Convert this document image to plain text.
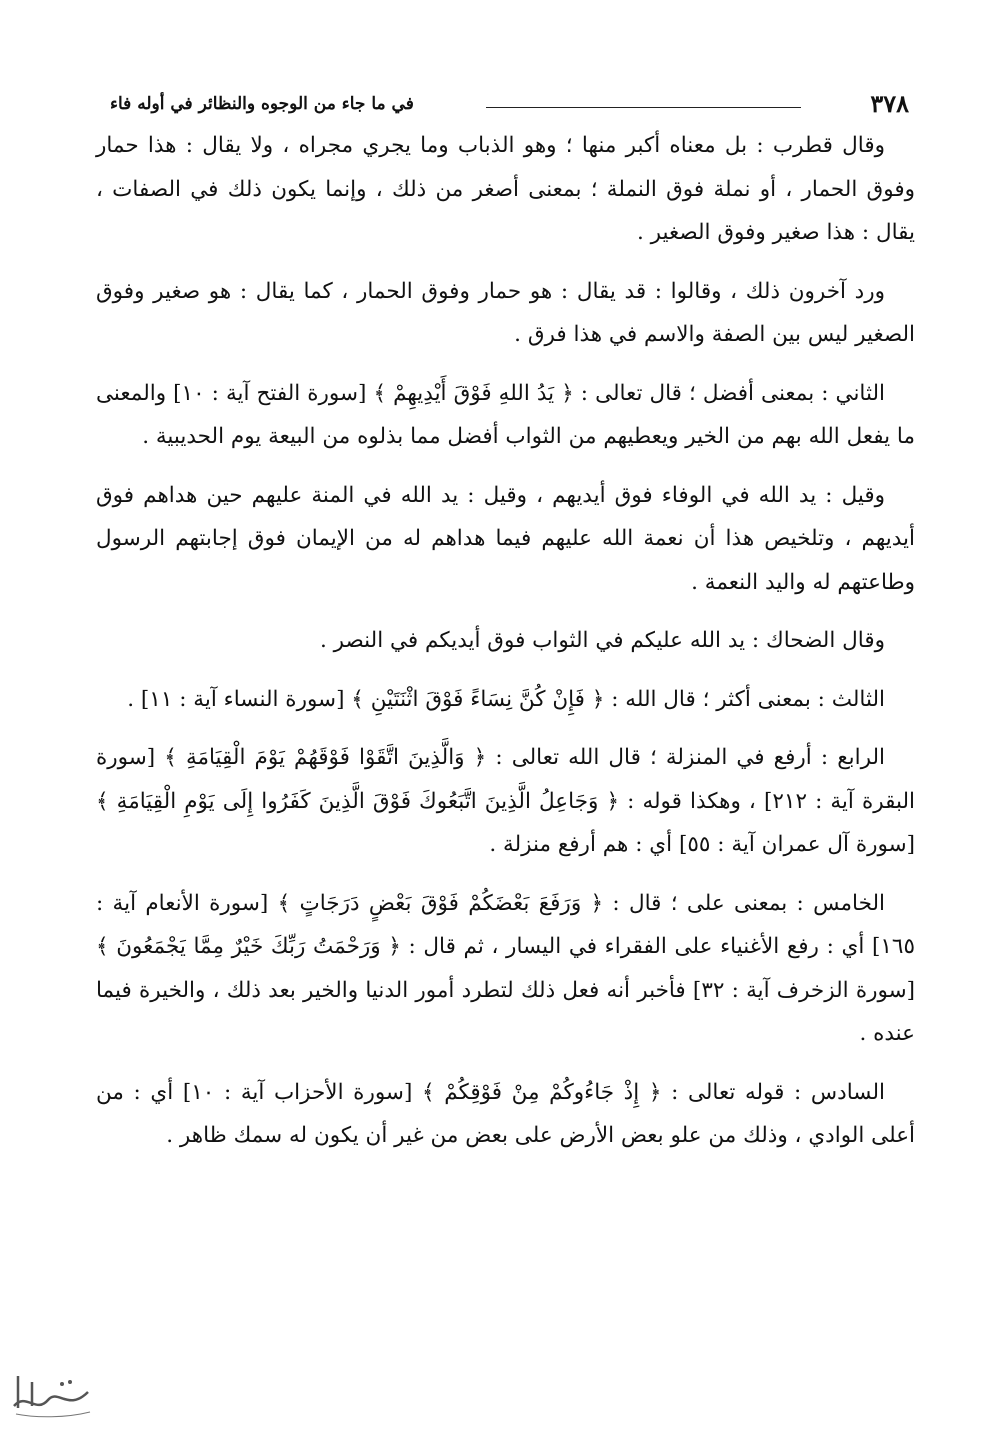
٣٧٨
في ما جاء من الوجوه والنظائر في أوله فاء

وقال قطرب : بل معناه أكبر منها ؛ وهو الذباب وما يجري مجراه ، ولا يقال : هذا حمار وفوق الحمار ، أو نملة فوق النملة ؛ بمعنى أصغر من ذلك ، وإنما يكون ذلك في الصفات ، يقال : هذا صغير وفوق الصغير .

ورد آخرون ذلك ، وقالوا : قد يقال : هو حمار وفوق الحمار ، كما يقال : هو صغير وفوق الصغير ليس بين الصفة والاسم في هذا فرق .

الثاني : بمعنى أفضل ؛ قال تعالى : ﴿ يَدُ اللهِ فَوْقَ أَيْدِيهِمْ ﴾ [سورة الفتح آية : ١٠] والمعنى ما يفعل الله بهم من الخير ويعطيهم من الثواب أفضل مما بذلوه من البيعة يوم الحديبية .

وقيل : يد الله في الوفاء فوق أيديهم ، وقيل : يد الله في المنة عليهم حين هداهم فوق أيديهم ، وتلخيص هذا أن نعمة الله عليهم فيما هداهم له من الإيمان فوق إجابتهم الرسول وطاعتهم له واليد النعمة .

وقال الضحاك : يد الله عليكم في الثواب فوق أيديكم في النصر .

الثالث : بمعنى أكثر ؛ قال الله : ﴿ فَإِنْ كُنَّ نِسَاءً فَوْقَ اثْنَتَيْنِ ﴾ [سورة النساء آية : ١١] .

الرابع : أرفع في المنزلة ؛ قال الله تعالى : ﴿ وَالَّذِينَ اتَّقَوْا فَوْقَهُمْ يَوْمَ الْقِيَامَةِ ﴾ [سورة البقرة آية : ٢١٢] ، وهكذا قوله : ﴿ وَجَاعِلُ الَّذِينَ اتَّبَعُوكَ فَوْقَ الَّذِينَ كَفَرُوا إِلَى يَوْمِ الْقِيَامَةِ ﴾ [سورة آل عمران آية : ٥٥] أي : هم أرفع منزلة .

الخامس : بمعنى على ؛ قال : ﴿ وَرَفَعَ بَعْضَكُمْ فَوْقَ بَعْضٍ دَرَجَاتٍ ﴾ [سورة الأنعام آية : ١٦٥] أي : رفع الأغنياء على الفقراء في اليسار ، ثم قال : ﴿ وَرَحْمَتُ رَبِّكَ خَيْرٌ مِمَّا يَجْمَعُونَ ﴾ [سورة الزخرف آية : ٣٢] فأخبر أنه فعل ذلك لتطرد أمور الدنيا والخير بعد ذلك ، والخيرة فيما عنده .

السادس : قوله تعالى : ﴿ إِذْ جَاءُوكُمْ مِنْ فَوْقِكُمْ ﴾ [سورة الأحزاب آية : ١٠] أي : من أعلى الوادي ، وذلك من علو بعض الأرض على بعض من غير أن يكون له سمك ظاهر .
